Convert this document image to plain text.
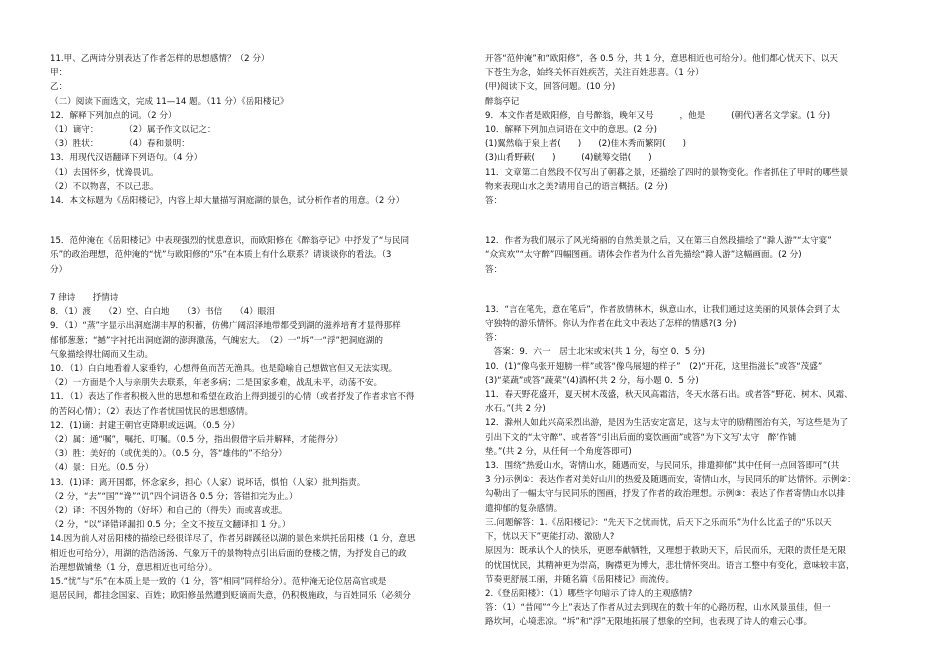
11.甲、乙两诗分别表达了作者怎样的思想感情？（2 分）
甲：
乙：
（二）阅读下面选文，完成 11—14 题。（11 分）《岳阳楼记》
12．解释下列加点的词。（2 分）
（1）谪守：　　　　（2）属予作文以记之：
（3）胜状：　　　　（4）春和景明：
13．用现代汉语翻译下列语句。（4 分）
（1）去国怀乡，忧谗畏讥。
（2）不以物喜，不以己悲。
14．本文标题为《岳阳楼记》，内容上却大量描写洞庭湖的景色，试分析作者的用意。（2 分）
15．范仲淹在《岳阳楼记》中表现强烈的忧患意识，而欧阳修在《醉翁亭记》中抒发了“与民同
乐”的政治理想，范仲淹的“忧”与欧阳修的“乐”在本质上有什么联系？请谈谈你的看法。（3
分）
7 律诗　　抒情诗
8．（1）渡　　（2）空、白白地　　（3）书信　　（4）眼泪
9．（1）“蒸”字显示出洞庭湖丰厚的积蓄，仿佛广阔沼泽地带都受到湖的滋养培育才显得那样
郁郁葱葱；“撼”字衬托出洞庭湖的澎湃激荡，气魄宏大。　（2）一“坼”一“浮”把洞庭湖的
气象描绘得壮阔而又生动。
10．（1）白白地看着人家垂钓，心想得鱼而苦无渔具。也是隐喻自己想做官但又无法实现。
（2）一方面是个人与亲朋失去联系，年老多病；二是国家多难，战乱未平，动荡不安。
11．（1）表达了作者积极入世的思想和希望在政治上得到援引的心情（或者抒发了作者求官不得
的苦闷心情）；（2）表达了作者忧国忧民的思想感情。
12．(1)谪：封建王朝官吏降职或远调。（0.5 分）
（2）属：通“嘱”，嘱托、叮嘱。（0.5 分，指出假借字后并解释，才能得分）
（3）胜：美好的（或优美的）。（0.5 分，答“雄伟的”不给分）
（4）景：日光。（0.5 分）
13．(1)译：离开国都，怀念家乡，担心（人家）说坏话，惧怕（人家）批判指责。
（2 分，“去”“国”“谗”“讥”四个词语各 0.5 分；答错扣完为止。）
（2）译：不因外物的（好坏）和自己的（得失）而或喜或悲。
（2 分，“以”译错译漏扣 0.5 分；全文不按互文翻译扣 1 分。）
14.因为前人对岳阳楼的描绘已经很详尽了，作者另辟蹊径以湖的景色来烘托岳阳楼（1 分，意思
相近也可给分），用湖的浩浩汤汤、气象万千的景物特点引出后面的登楼之情，为抒发自己的政
治理想做铺垫（1 分，意思相近也可给分）。
15.“忧”与“乐”在本质上是一致的（1 分，答“相同”同样给分）。范仲淹无论位居高官或是
退居民间，都挂念国家、百姓；欧阳修虽然遭到贬谪而失意，仍积极施政，与百姓同乐（必须分
开答“范仲淹”和“欧阳修”，各 0.5 分，共 1 分，意思相近也可给分）。他们都心忧天下、以天
下苍生为念，始终关怀百姓疾苦，关注百姓悲喜。（1 分）
(甲)阅读下文，回答问题。(10 分)
醉翁亭记
9．本文作者是欧阳修，自号醉翁，晚年又号　　　，他是　　　(朝代)著名文学家。(1 分)
10．解释下列加点词语在文中的意思。(2 分)
(1)翼然临于泉上者(　　)　　(2)佳木秀而繁阴(　　)
(3)山肴野蔌(　　)　　　(4)觥筹交错(　　)
11．文章第二自然段不仅写出了朝暮之景，还描绘了四时的景物变化。作者抓住了甲时的哪些景
物来表现山水之美?请用自己的语言概括。(2 分)
答：
12．作者为我们展示了风光绮丽的自然美景之后，又在第三自然段描绘了“滁人游”“太守宴”
“众宾欢”“太守醉”四幅图画。请体会作者为什么首先描绘“滁人游”这幅画面。(2 分)
答：
13．“言在笔先，意在笔后”，作者放情林木，纵意山水，让我们通过这美丽的风景体会到了太
守独特的游乐情怀。你认为作者在此文中表达了怎样的情感?(3 分)
答：
　答案：9．六一　居士北宋或宋(共 1 分，每空 0．5 分)
10．(1)“像鸟张开翅膀一样”或答“像鸟展翅的样子”　(2)“开花，这里指滋长”或答“茂盛”
(3)“菜蔬”或答“蔬菜”(4)酒杯(共 2 分，每小题 0．5 分)
11．春天野花盛开，夏天树木茂盛，秋天风高霜洁，冬天水落石出。或者答“野花、树木、风霜、
水石。”(共 2 分)
12．滁州人如此兴高采烈出游，是因为生活安定富足，这与太守的励精图治有关，写这些是为了
引出下文的“太守醉”、或者答“引出后面的宴饮画面”或答“为下文写‘太守　醉’作铺
垫。”(共 2 分，从任何一个角度答即可)
13．围绕“热爱山水，寄情山水，随遇而安，与民同乐，排遣抑郁”其中任何一点回答即可”(共
3 分)示例①：表达作者对美好山川的热爱及随遇而安，寄情山水，与民同乐的旷达情怀。示例②：
勾勒出了一幅太守与民同乐的图画，抒发了作者的政治理想。示例③：表达了作者寄情山水以排
遣抑郁的复杂感情。
三.问题解答：1.《岳阳楼记》：“先天下之忧而忧，后天下之乐而乐”为什么比孟子的“乐以天
下，忧以天下”更能打动、激励人?
原因为：既承认个人的快乐，更愿奉献牺牲，又理想于救助天下，后民而乐，无限的责任是无限
的忧国忧民，其精神更为崇高，胸襟更为博大，悲壮情怀突出。语言工整中有变化，意味较丰富，
节奏更舒展工丽，并随名篇《岳阳楼记》而流传。
2.《登岳阳楼》：（1）哪些字句暗示了诗人的主观感情?
答：（1）“昔闻”“今上”表达了作者从过去到现在的数十年的心路历程，山水风景虽佳，但一
路坎坷，心境悲凉。“坼”和“浮”无限地拓展了想象的空间，也表现了诗人的难云心事。
